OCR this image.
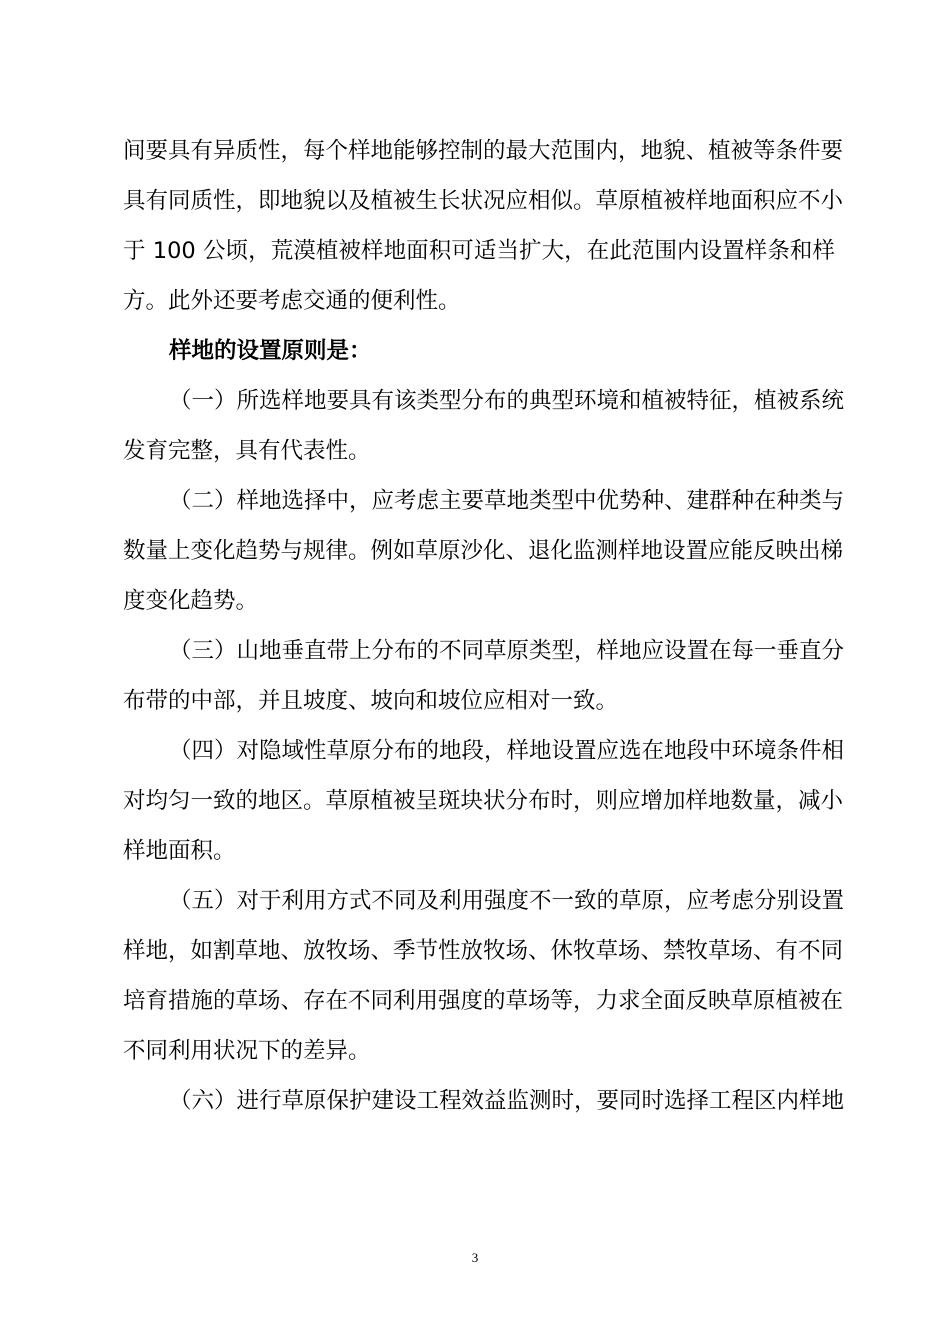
间要具有异质性，每个样地能够控制的最大范围内，地貌、植被等条件要
具有同质性，即地貌以及植被生长状况应相似。草原植被样地面积应不小
于 100 公顷，荒漠植被样地面积可适当扩大，在此范围内设置样条和样
方。此外还要考虑交通的便利性。
样地的设置原则是：
（一）所选样地要具有该类型分布的典型环境和植被特征，植被系统
发育完整，具有代表性。
（二）样地选择中，应考虑主要草地类型中优势种、建群种在种类与
数量上变化趋势与规律。例如草原沙化、退化监测样地设置应能反映出梯
度变化趋势。
（三）山地垂直带上分布的不同草原类型，样地应设置在每一垂直分
布带的中部，并且坡度、坡向和坡位应相对一致。
（四）对隐域性草原分布的地段，样地设置应选在地段中环境条件相
对均匀一致的地区。草原植被呈斑块状分布时，则应增加样地数量，减小
样地面积。
（五）对于利用方式不同及利用强度不一致的草原，应考虑分别设置
样地，如割草地、放牧场、季节性放牧场、休牧草场、禁牧草场、有不同
培育措施的草场、存在不同利用强度的草场等，力求全面反映草原植被在
不同利用状况下的差异。
（六）进行草原保护建设工程效益监测时，要同时选择工程区内样地
3
